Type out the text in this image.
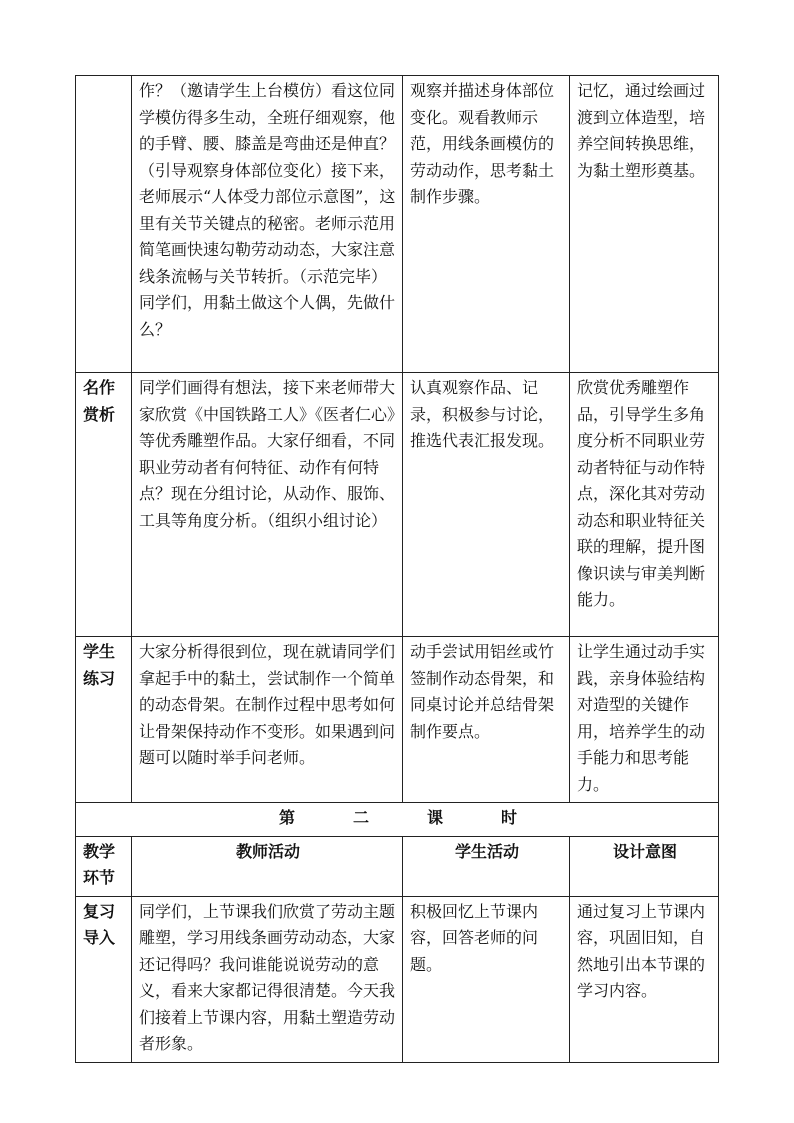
	作？（邀请学生上台模仿）看这位同学模仿得多生动，全班仔细观察，他的手臂、腰、膝盖是弯曲还是伸直？（引导观察身体部位变化）接下来，老师展示“人体受力部位示意图”，这里有关节关键点的秘密。老师示范用简笔画快速勾勒劳动动态，大家注意线条流畅与关节转折。（示范完毕）同学们，用黏土做这个人偶，先做什么？	观察并描述身体部位变化。观看教师示范，用线条画模仿的劳动动作，思考黏土制作步骤。	记忆，通过绘画过渡到立体造型，培养空间转换思维，为黏土塑形奠基。
名作赏析	同学们画得有想法，接下来老师带大家欣赏《中国铁路工人》《医者仁心》等优秀雕塑作品。大家仔细看，不同职业劳动者有何特征、动作有何特点？现在分组讨论，从动作、服饰、工具等角度分析。（组织小组讨论）	认真观察作品、记录，积极参与讨论，推选代表汇报发现。	欣赏优秀雕塑作品，引导学生多角度分析不同职业劳动者特征与动作特点，深化其对劳动动态和职业特征关联的理解，提升图像识读与审美判断能力。
学生练习	大家分析得很到位，现在就请同学们拿起手中的黏土，尝试制作一个简单的动态骨架。在制作过程中思考如何让骨架保持动作不变形。如果遇到问题可以随时举手问老师。	动手尝试用铝丝或竹签制作动态骨架，和同桌讨论并总结骨架制作要点。	让学生通过动手实践，亲身体验结构对造型的关键作用，培养学生的动手能力和思考能力。
第二课时			
教学环节	教师活动	学生活动	设计意图
复习导入	同学们，上节课我们欣赏了劳动主题雕塑，学习用线条画劳动动态，大家还记得吗？我问谁能说说劳动的意义，看来大家都记得很清楚。今天我们接着上节课内容，用黏土塑造劳动者形象。	积极回忆上节课内容，回答老师的问题。	通过复习上节课内容，巩固旧知，自然地引出本节课的学习内容。
